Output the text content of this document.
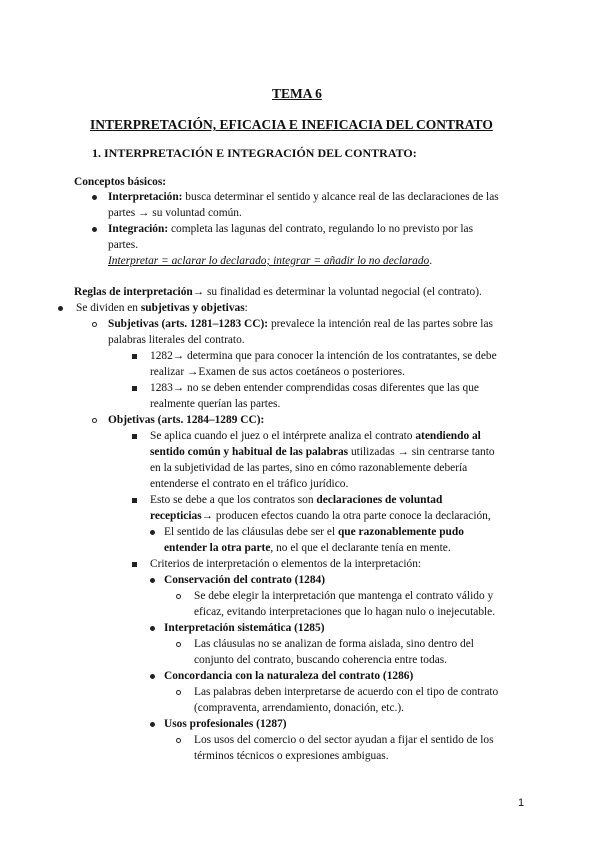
TEMA 6
INTERPRETACIÓN, EFICACIA E INEFICACIA DEL CONTRATO
1. INTERPRETACIÓN E INTEGRACIÓN DEL CONTRATO:
Conceptos básicos:
Interpretación: busca determinar el sentido y alcance real de las declaraciones de las
partes → su voluntad común.
Integración: completa las lagunas del contrato, regulando lo no previsto por las
partes.
Interpretar = aclarar lo declarado; integrar = añadir lo no declarado.
Reglas de interpretación→ su finalidad es determinar la voluntad negocial (el contrato).
Se dividen en subjetivas y objetivas:
Subjetivas (arts. 1281–1283 CC): prevalece la intención real de las partes sobre las
palabras literales del contrato.
1282→ determina que para conocer la intención de los contratantes, se debe
realizar →Examen de sus actos coetáneos o posteriores.
1283→ no se deben entender comprendidas cosas diferentes que las que
realmente querían las partes.
Objetivas (arts. 1284–1289 CC):
Se aplica cuando el juez o el intérprete analiza el contrato atendiendo al
sentido común y habitual de las palabras utilizadas → sin centrarse tanto
en la subjetividad de las partes, sino en cómo razonablemente debería
entenderse el contrato en el tráfico jurídico.
Esto se debe a que los contratos son declaraciones de voluntad
recepticias→ producen efectos cuando la otra parte conoce la declaración,
El sentido de las cláusulas debe ser el que razonablemente pudo
entender la otra parte, no el que el declarante tenía en mente.
Criterios de interpretación o elementos de la interpretación:
Conservación del contrato (1284)
Se debe elegir la interpretación que mantenga el contrato válido y
eficaz, evitando interpretaciones que lo hagan nulo o inejecutable.
Interpretación sistemática (1285)
Las cláusulas no se analizan de forma aislada, sino dentro del
conjunto del contrato, buscando coherencia entre todas.
Concordancia con la naturaleza del contrato (1286)
Las palabras deben interpretarse de acuerdo con el tipo de contrato
(compraventa, arrendamiento, donación, etc.).
Usos profesionales (1287)
Los usos del comercio o del sector ayudan a fijar el sentido de los
términos técnicos o expresiones ambiguas.
1
